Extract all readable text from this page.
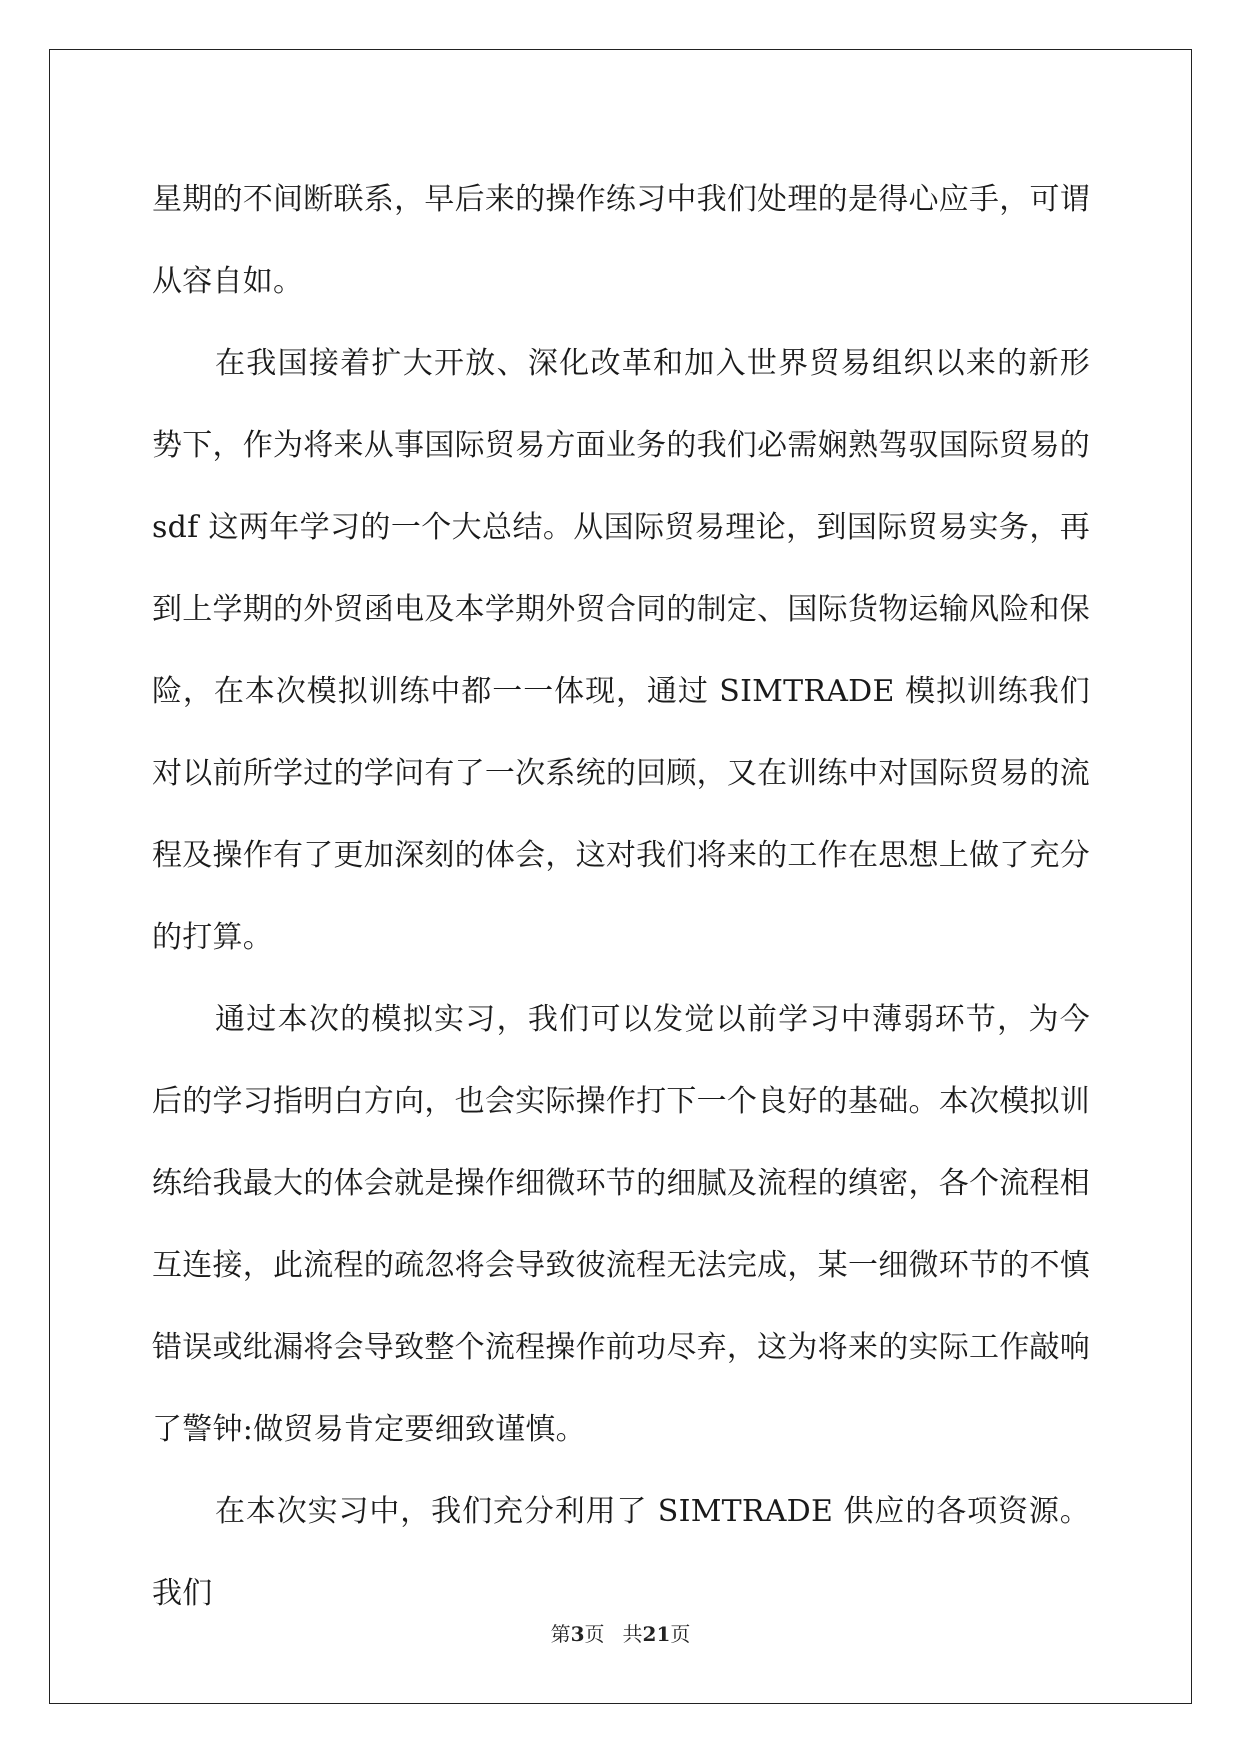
星期的不间断联系，早后来的操作练习中我们处理的是得心应手，可谓从容自如。

在我国接着扩大开放、深化改革和加入世界贸易组织以来的新形势下，作为将来从事国际贸易方面业务的我们必需娴熟驾驭国际贸易的 sdf 这两年学习的一个大总结。从国际贸易理论，到国际贸易实务，再到上学期的外贸函电及本学期外贸合同的制定、国际货物运输风险和保险，在本次模拟训练中都一一体现，通过 SIMTRADE 模拟训练我们对以前所学过的学问有了一次系统的回顾，又在训练中对国际贸易的流程及操作有了更加深刻的体会，这对我们将来的工作在思想上做了充分的打算。

通过本次的模拟实习，我们可以发觉以前学习中薄弱环节，为今后的学习指明白方向，也会实际操作打下一个良好的基础。本次模拟训练给我最大的体会就是操作细微环节的细腻及流程的缜密，各个流程相互连接，此流程的疏忽将会导致彼流程无法完成，某一细微环节的不慎错误或纰漏将会导致整个流程操作前功尽弃，这为将来的实际工作敲响了警钟:做贸易肯定要细致谨慎。

在本次实习中，我们充分利用了 SIMTRADE 供应的各项资源。我们

第3页 共21页
